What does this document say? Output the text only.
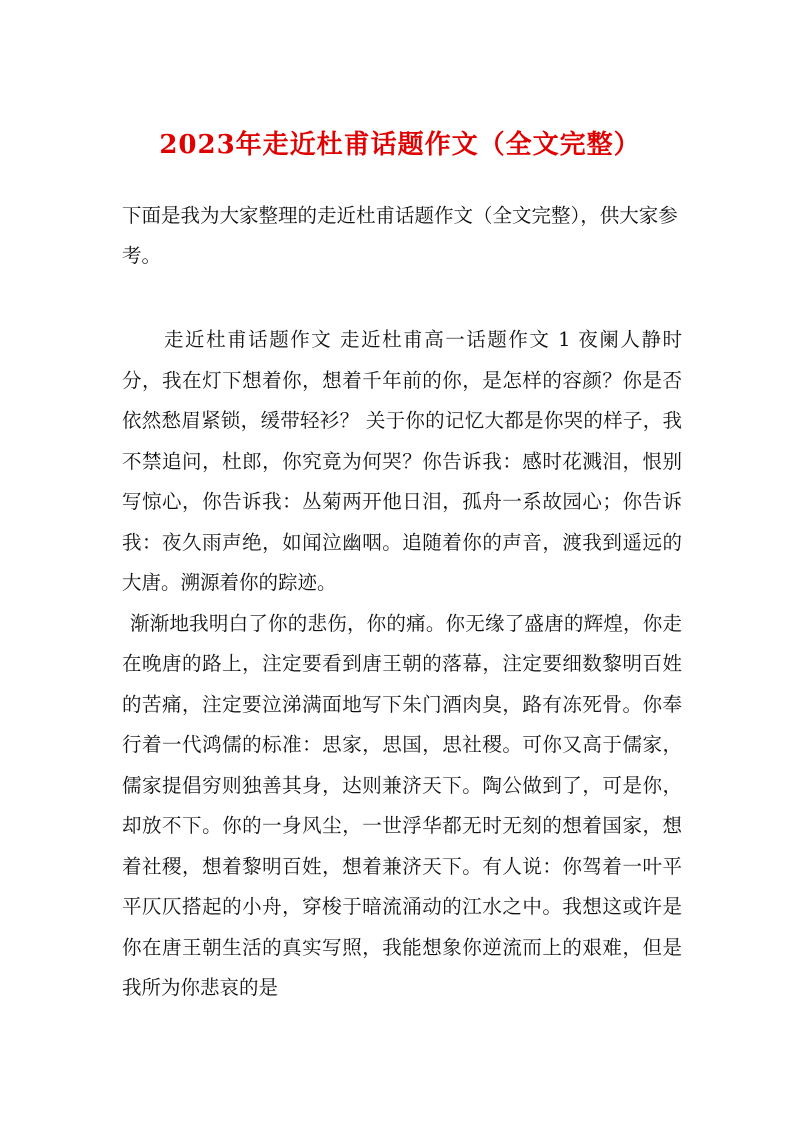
2023年走近杜甫话题作文（全文完整）
下面是我为大家整理的走近杜甫话题作文（全文完整），供大家参考。

走近杜甫话题作文 走近杜甫高一话题作文 1 夜阑人静时分，我在灯下想着你，想着千年前的你，是怎样的容颜？你是否依然愁眉紧锁，缓带轻衫？ 关于你的记忆大都是你哭的样子，我不禁追问，杜郎，你究竟为何哭？你告诉我：感时花溅泪，恨别写惊心，你告诉我：丛菊两开他日泪，孤舟一系故园心；你告诉我：夜久雨声绝，如闻泣幽咽。追随着你的声音，渡我到遥远的大唐。溯源着你的踪迹。

渐渐地我明白了你的悲伤，你的痛。你无缘了盛唐的辉煌，你走在晚唐的路上，注定要看到唐王朝的落幕，注定要细数黎明百姓的苦痛，注定要泣涕满面地写下朱门酒肉臭，路有冻死骨。你奉行着一代鸿儒的标准：思家，思国，思社稷。可你又高于儒家，儒家提倡穷则独善其身，达则兼济天下。陶公做到了，可是你，却放不下。你的一身风尘，一世浮华都无时无刻的想着国家，想着社稷，想着黎明百姓，想着兼济天下。有人说：你驾着一叶平平仄仄搭起的小舟，穿梭于暗流涌动的江水之中。我想这或许是你在唐王朝生活的真实写照，我能想象你逆流而上的艰难，但是我所为你悲哀的是
